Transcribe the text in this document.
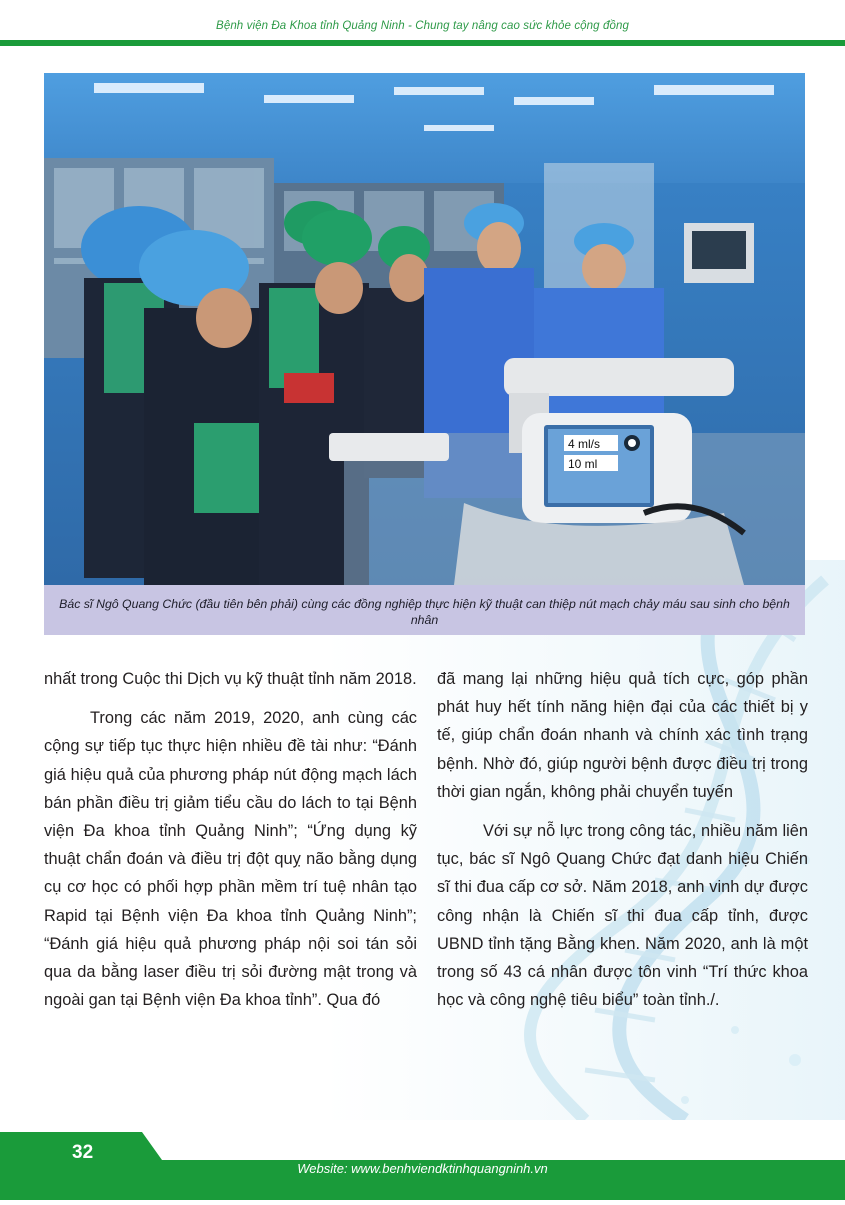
Bệnh viện Đa Khoa tỉnh Quảng Ninh - Chung tay nâng cao sức khỏe cộng đồng
4 ml/s
10 ml
Bác sĩ Ngô Quang Chức (đầu tiên bên phải) cùng các đồng nghiệp thực hiện kỹ thuật can thiệp nút mạch chảy máu sau sinh cho bệnh nhân

nhất trong Cuộc thi Dịch vụ kỹ thuật tỉnh năm 2018.

Trong các năm 2019, 2020, anh cùng các cộng sự tiếp tục thực hiện nhiều đề tài như: “Đánh giá hiệu quả của phương pháp nút động mạch lách bán phần điều trị giảm tiểu cầu do lách to tại Bệnh viện Đa khoa tỉnh Quảng Ninh”; “Ứng dụng kỹ thuật chẩn đoán và điều trị đột quỵ não bằng dụng cụ cơ học có phối hợp phần mềm trí tuệ nhân tạo Rapid tại Bệnh viện Đa khoa tỉnh Quảng Ninh”; “Đánh giá hiệu quả phương pháp nội soi tán sỏi qua da bằng laser điều trị sỏi đường mật trong và ngoài gan tại Bệnh viện Đa khoa tỉnh”. Qua đó

đã mang lại những hiệu quả tích cực, góp phần phát huy hết tính năng hiện đại của các thiết bị y tế, giúp chẩn đoán nhanh và chính xác tình trạng bệnh. Nhờ đó, giúp người bệnh được điều trị trong thời gian ngắn, không phải chuyển tuyến

Với sự nỗ lực trong công tác, nhiều năm liên tục, bác sĩ Ngô Quang Chức đạt danh hiệu Chiến sĩ thi đua cấp cơ sở. Năm 2018, anh vinh dự được công nhận là Chiến sĩ thi đua cấp tỉnh, được UBND tỉnh tặng Bằng khen. Năm 2020, anh là một trong số 43 cá nhân được tôn vinh “Trí thức khoa học và công nghệ tiêu biểu” toàn tỉnh./.

32
Website: www.benhviendktinhquangninh.vn
